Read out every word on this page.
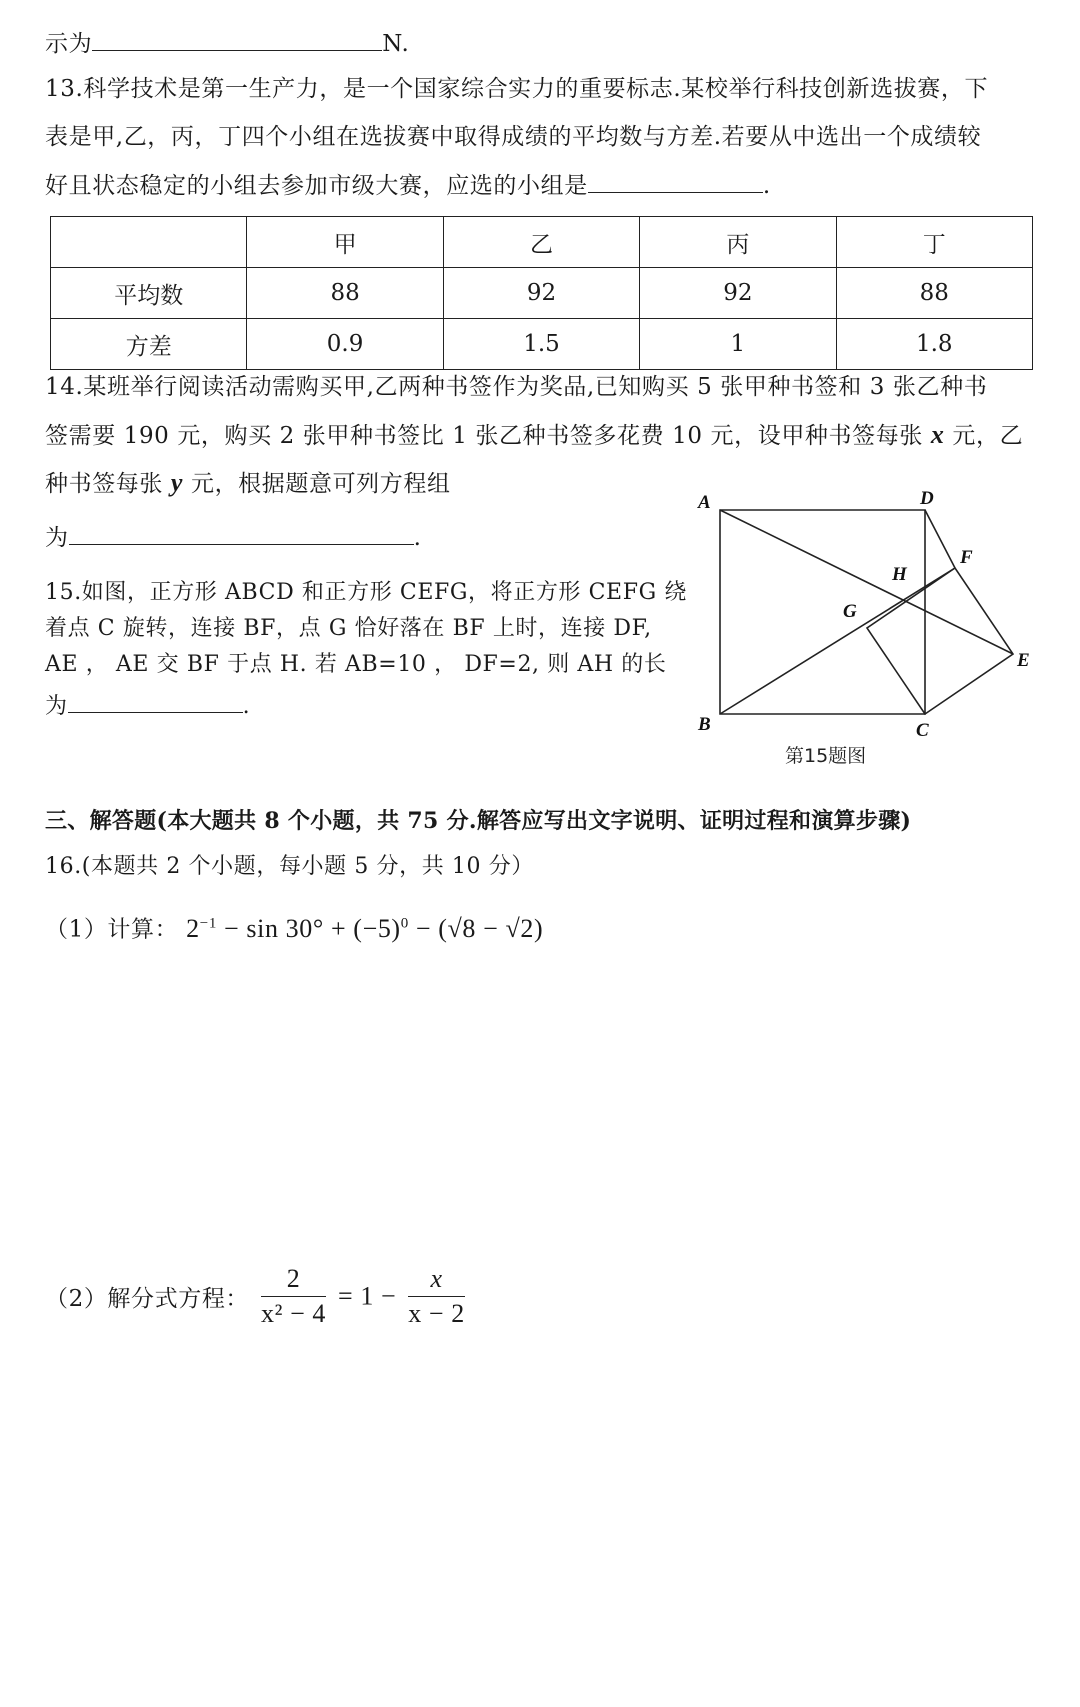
示为	N.
13.科学技术是第一生产力，是一个国家综合实力的重要标志.某校举行科技创新选拔赛，下
表是甲,乙，丙，丁四个小组在选拔赛中取得成绩的平均数与方差.若要从中选出一个成绩较
好且状态稳定的小组去参加市级大赛，应选的小组是	.
	甲	乙	丙	丁
平均数	88	92	92	88
方差	0.9	1.5	1	1.8
14.某班举行阅读活动需购买甲,乙两种书签作为奖品,已知购买 5 张甲种书签和 3 张乙种书
签需要 190 元，购买 2 张甲种书签比 1 张乙种书签多花费 10 元，设甲种书签每张 x 元，乙
种书签每张 y 元，根据题意可列方程组
为	.
15.如图，正方形 ABCD 和正方形 CEFG，将正方形 CEFG 绕
着点 C 旋转，连接 BF，点 G 恰好落在 BF 上时，连接 DF,
AE ， AE 交 BF 于点 H. 若 AB=10 ， DF=2, 则 AH 的长
为	.
A	D
F
H
G
E
B	C
第15题图
三、解答题(本大题共 8 个小题，共 75 分.解答应写出文字说明、证明过程和演算步骤)
16.(本题共 2 个小题，每小题 5 分，共 10 分）
（1）计算： $2^{-1} - \sin 30^\circ + (-5)^0 - (√8 - √2)$
（2）解分式方程： $\frac{2}{\text{x² − 4}} = 1 - \frac{x}{x - 2}$
